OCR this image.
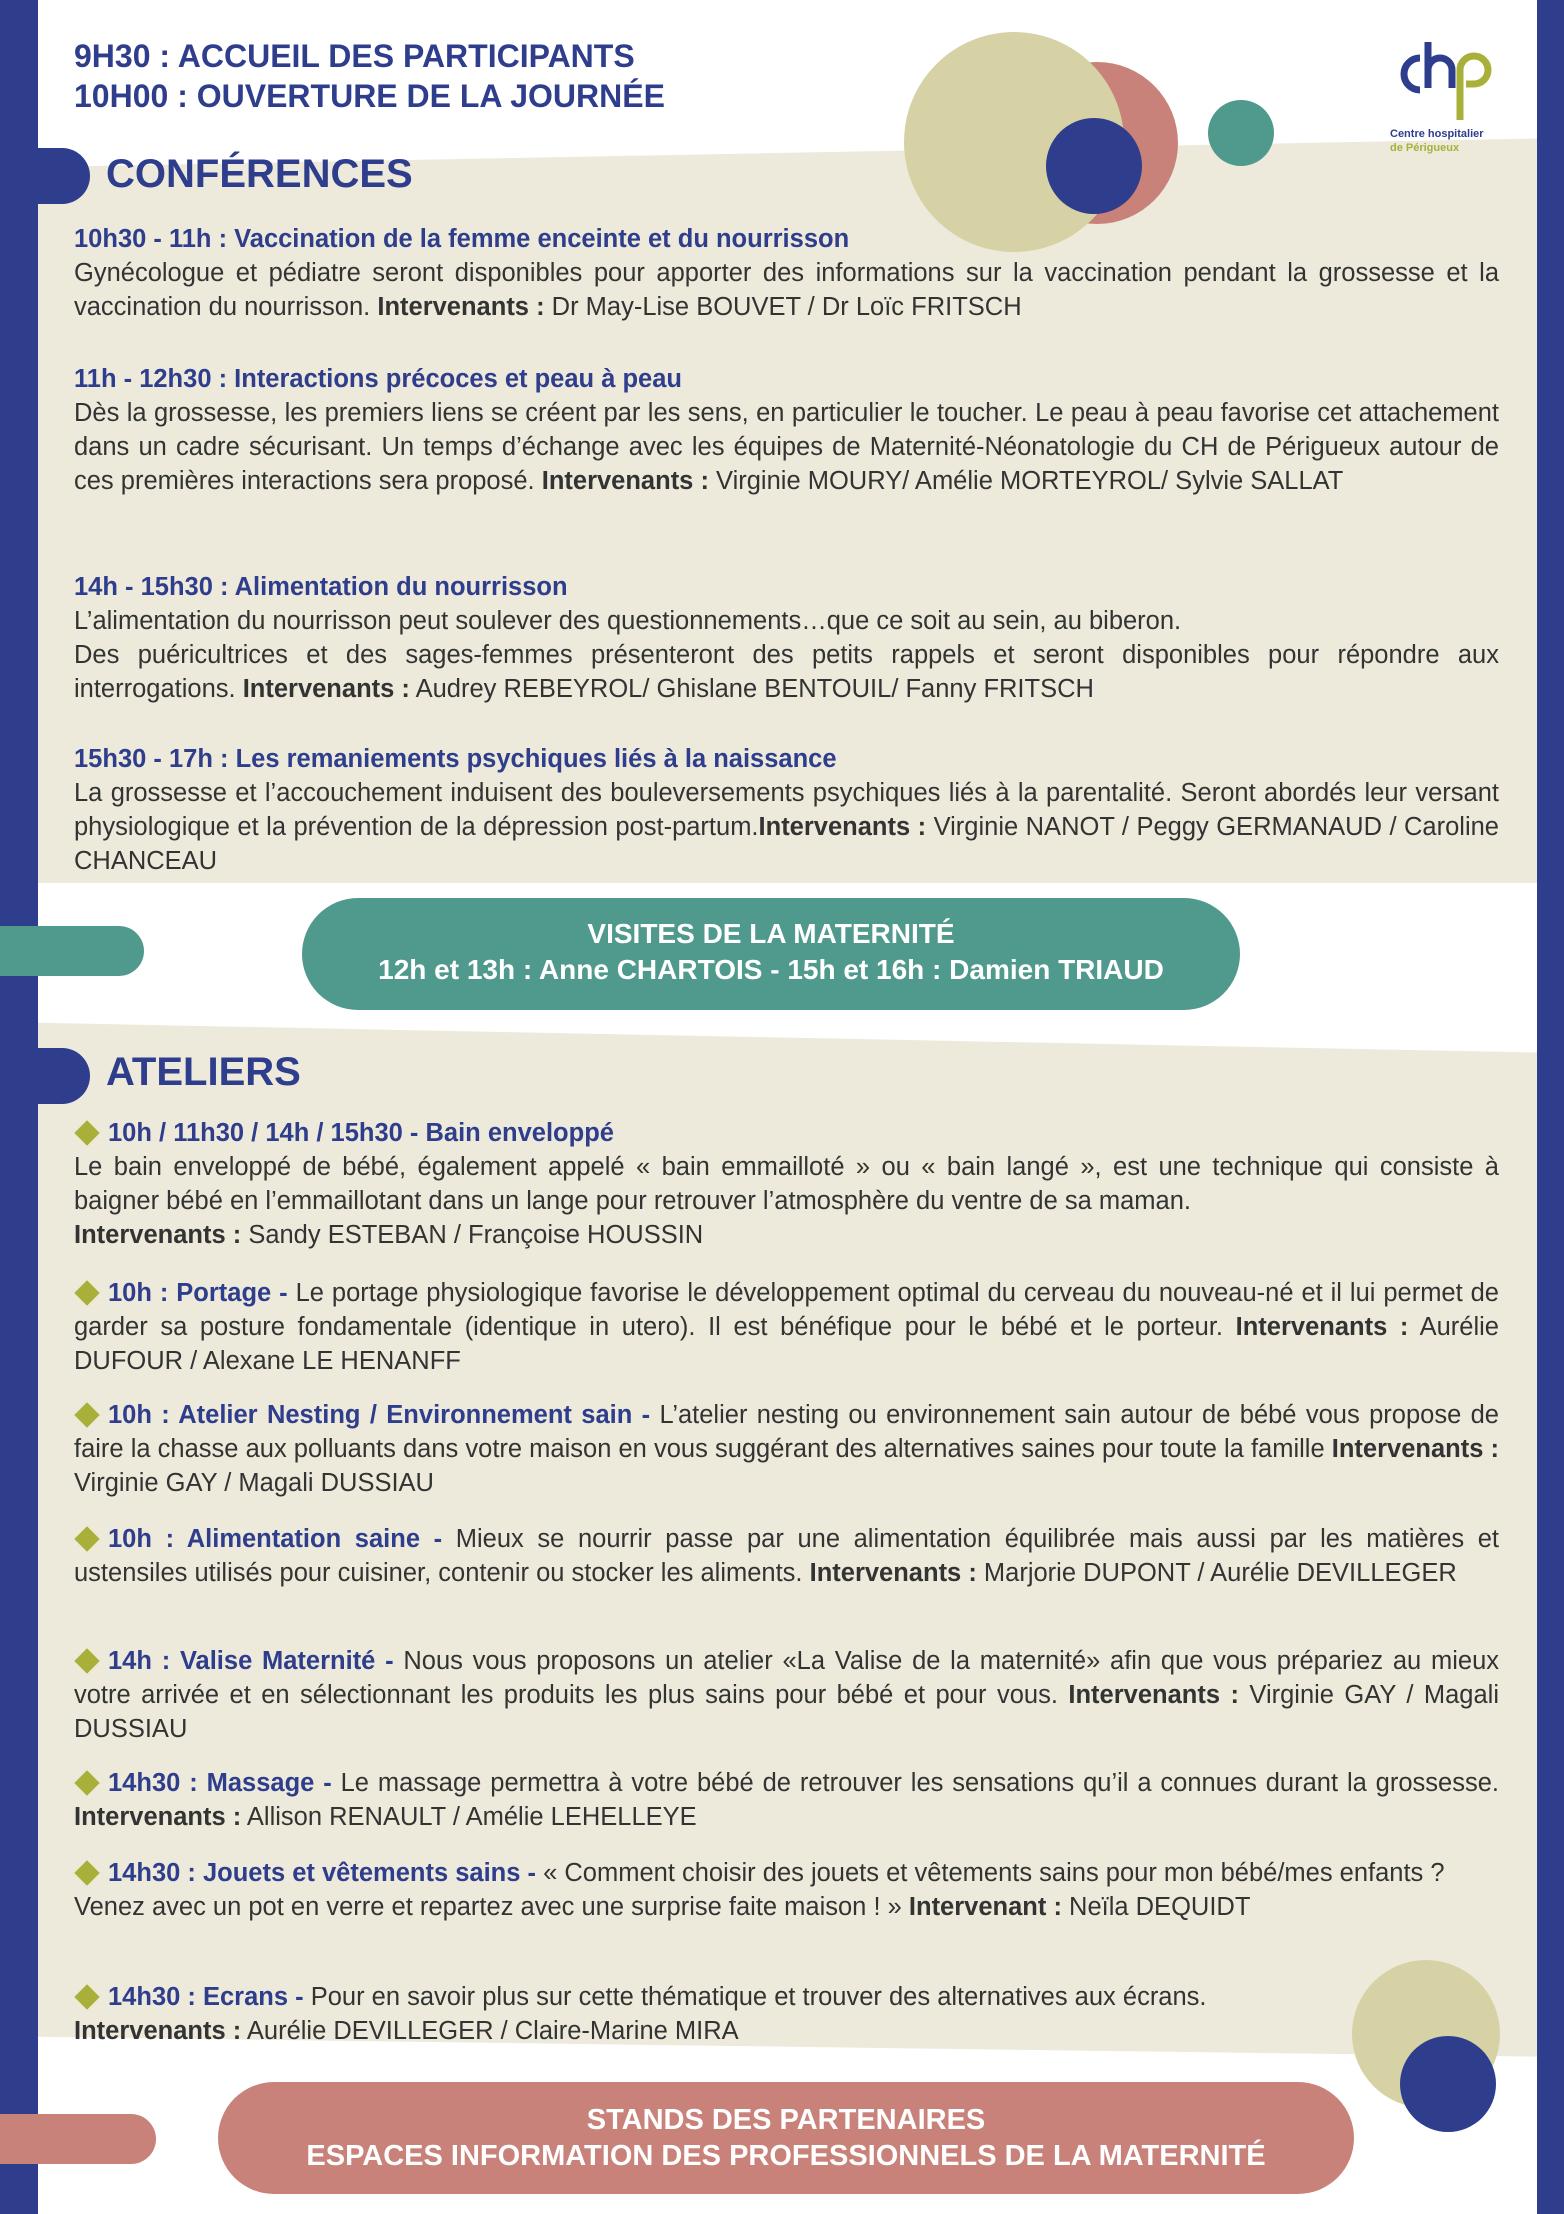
9H30 : ACCUEIL DES PARTICIPANTS
10H00 : OUVERTURE DE LA JOURNÉE
Centre hospitalier
de Périgueux
CONFÉRENCES
10h30 - 11h : Vaccination de la femme enceinte et du nourrisson
Gynécologue et pédiatre seront disponibles pour apporter des informations sur la vaccination pendant la grossesse et la vaccination du nourrisson. Intervenants : Dr May-Lise BOUVET / Dr Loïc FRITSCH
11h - 12h30 : Interactions précoces et peau à peau
Dès la grossesse, les premiers liens se créent par les sens, en particulier le toucher. Le peau à peau favorise cet attachement dans un cadre sécurisant. Un temps d’échange avec les équipes de Maternité-Néonatologie du CH de Périgueux autour de ces premières interactions sera proposé. Intervenants : Virginie MOURY/ Amélie MORTEYROL/ Sylvie SALLAT
14h - 15h30 : Alimentation du nourrisson
L’alimentation du nourrisson peut soulever des questionnements…que ce soit au sein, au biberon.
Des puéricultrices et des sages-femmes présenteront des petits rappels et seront disponibles pour répondre aux interrogations. Intervenants : Audrey REBEYROL/ Ghislane BENTOUIL/ Fanny FRITSCH
15h30 - 17h : Les remaniements psychiques liés à la naissance
La grossesse et l’accouchement induisent des bouleversements psychiques liés à la parentalité. Seront abordés leur versant physiologique et la prévention de la dépression post-partum.Intervenants : Virginie NANOT / Peggy GERMANAUD / Caroline CHANCEAU
VISITES DE LA MATERNITÉ
12h et 13h : Anne CHARTOIS - 15h et 16h : Damien TRIAUD
ATELIERS
10h / 11h30 / 14h / 15h30 - Bain enveloppé
Le bain enveloppé de bébé, également appelé « bain emmailloté » ou « bain langé », est une technique qui consiste à baigner bébé en l’emmaillotant dans un lange pour retrouver l’atmosphère du ventre de sa maman.
Intervenants : Sandy ESTEBAN / Françoise HOUSSIN
10h : Portage - Le portage physiologique favorise le développement optimal du cerveau du nouveau-né et il lui permet de garder sa posture fondamentale (identique in utero). Il est bénéfique pour le bébé et le porteur. Intervenants : Aurélie DUFOUR / Alexane LE HENANFF
10h : Atelier Nesting / Environnement sain - L’atelier nesting ou environnement sain autour de bébé vous propose de faire la chasse aux polluants dans votre maison en vous suggérant des alternatives saines pour toute la famille Intervenants : Virginie GAY / Magali DUSSIAU
10h : Alimentation saine - Mieux se nourrir passe par une alimentation équilibrée mais aussi par les matières et ustensiles utilisés pour cuisiner, contenir ou stocker les aliments. Intervenants : Marjorie DUPONT / Aurélie DEVILLEGER
14h : Valise Maternité - Nous vous proposons un atelier «La Valise de la maternité» afin que vous prépariez au mieux votre arrivée et en sélectionnant les produits les plus sains pour bébé et pour vous. Intervenants : Virginie GAY / Magali DUSSIAU
14h30 : Massage - Le massage permettra à votre bébé de retrouver les sensations qu’il a connues durant la grossesse. Intervenants : Allison RENAULT / Amélie LEHELLEYE
14h30 : Jouets et vêtements sains - « Comment choisir des jouets et vêtements sains pour mon bébé/mes enfants ? Venez avec un pot en verre et repartez avec une surprise faite maison ! » Intervenant : Neïla DEQUIDT
14h30 : Ecrans - Pour en savoir plus sur cette thématique et trouver des alternatives aux écrans.
Intervenants : Aurélie DEVILLEGER / Claire-Marine MIRA
STANDS DES PARTENAIRES
ESPACES INFORMATION DES PROFESSIONNELS DE LA MATERNITÉ
